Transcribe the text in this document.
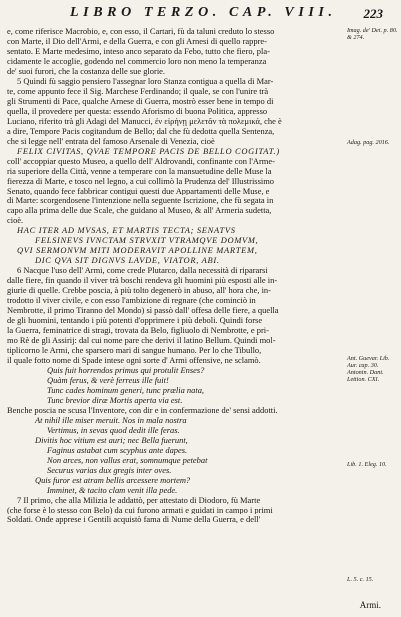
LIBRO TERZO. CAP. VIII. 223
e, come riferisce Macrobio, e, con esso, il Cartari, fù da taluni creduto lo stesso
con Marte, il Dio dell'Armi, e della Guerra, e con gli Arnesi di quello rappre-
sentato. E Marte medesimo, inteso anco separato da Febo, tutto che fiero, pla-
cidamente le accoglie, godendo nel commercio loro non meno la temperanza
de' suoi furori, che la costanza delle sue glorie.
5 Quindi fù saggio pensiero l'assegnar loro Stanza contigua a quella di Mar-
te, come appunto fece il Sig. Marchese Ferdinando; il quale, se con l'unire trà
gli Strumenti di Pace, qualche Arnese di Guerra, mostrò esser bene in tempo di
quella, il provedere per questa: essendo Aforismo di buona Politica, appresso
Luciano, riferito trà gli Adagi del Manucci, ἐν εἰρήνῃ μελετᾶν τὰ πολεμικά, che è
a dire, Tempore Pacis cogitandum de Bello; dal che fù dedotta quella Sentenza,
che si legge nell' entrata del famoso Arsenale di Venezia, cioè
FELIX CIVITAS, QVAE TEMPORE PACIS DE BELLO COGITAT.)
coll' accoppiar questo Museo, a quello dell' Aldrovandi, confinante con l'Arme-
ria superiore della Città, venne a temperare con la mansuetudine delle Muse la
fierezza di Marte, e tosco nel legno, a cui collimò la Prudenza del' Illustrissimo
Senato, quando fece fabbricar contigui questi due Appartamenti delle Muse, e
di Marte: scorgendosene l'intenzione nella seguente Iscrizione, che fù segata in
capo alla prima delle due Scale, che guidano al Museo, & all' Armeria sudetta,
cioè.
HAC ITER AD MVSAS, ET MARTIS TECTA; SENATVS
FELSINEVS IVNCTAM STRVXIT VTRAMQVE DOMVM,
QVI SERMONVM MITI MODERAVIT APOLLINE MARTEM,
DIC QVA SIT DIGNVS LAVDE, VIATOR, ABI.
6 Nacque l'uso dell' Armi, come crede Plutarco, dalla necessità di ripararsi
dalle fiere, fin quando il viver trà boschi rendeva gli huomini più esposti alle in-
giurie di quelle. Crebbe poscia, à più tolto degenerò in abuso, all' hora che, in-
trodotto il viver civile, e con esso l'ambizione di regnare (che cominciò in
Nembrotte, il primo Tiranno del Mondo) sì passò dall' offesa delle fiere, a quella
de gli huomini, tentando i più potenti d'opprimere i più deboli. Quindi forse
la Guerra, feminatrice di stragi, trovata da Belo, figliuolo di Nembrotte, e pri-
mo Rè de gli Assirij: dal cui nome pare che derivi il latino Bellum. Quindi mol-
tiplicorno le Armi, che sparsero mari di sangue humano. Per lo che Tibullo,
il quale fotto nome di Spade intese ogni sorte d' Armi offensive, ne sclamò.
Quis fuit horrendos primus qui protulit Enses?
Quàm ferus, & verè ferreus ille fuit!
Tunc cades hominum generi, tunc prælia nata,
Tunc brevior diræ Mortis aperta via est.
Benche poscia ne scusa l'Inventore, con dir e in confermazione de' sensi addotti.
At nihil ille miser meruit. Nos in mala nostra
Vertimus, in sevas quod dedit ille feras.
Divitis hoc vitium est auri; nec Bella fuerunt,
Faginus astabat cum scyphus ante dapes.
Non arces, non vallus erat, somnumque petebat
Securus varias dux gregis inter oves.
Quis furor est atram bellis arcessere mortem?
Imminet, & tacito clam venit illa pede.
7 Il primo, che alla Milizia le addattò, per attestato di Diodoro, fù Marte
(che forse è lo stesso con Belo) da cui furono armati e guidati in campo i primi
Soldati. Onde apprese i Gentili acquistò fama di Nume della Guerra, e dell'
Imag. de' Dei. p. 80. & 274.
Adag. pag. 2016.
Ant. Guevar. Lib. Aur. cap. 30. Antonin. Dant. Lettion. CXI.
Lib. 1. Eleg. 10.
L. 5. c. 15.
Armi.
